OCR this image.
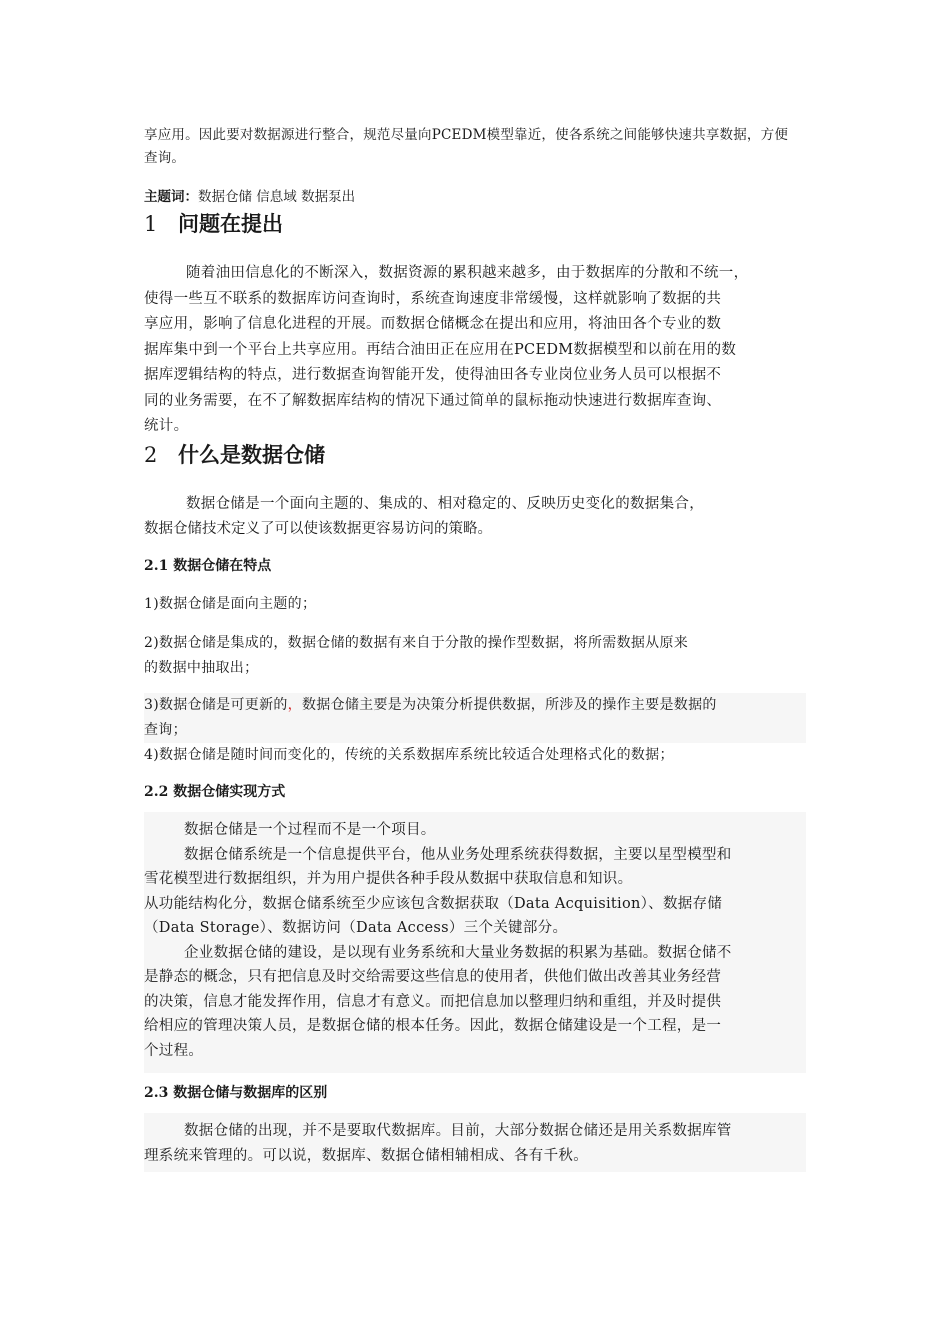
享应用。因此要对数据源进行整合，规范尽量向PCEDM模型靠近，使各系统之间能够快速共享数据，方便

查询。

主题词：数据仓储 信息域 数据泵出

1 问题在提出

随着油田信息化的不断深入，数据资源的累积越来越多，由于数据库的分散和不统一，

使得一些互不联系的数据库访问查询时，系统查询速度非常缓慢，这样就影响了数据的共

享应用，影响了信息化进程的开展。而数据仓储概念在提出和应用，将油田各个专业的数

据库集中到一个平台上共享应用。再结合油田正在应用在PCEDM数据模型和以前在用的数

据库逻辑结构的特点，进行数据查询智能开发，使得油田各专业岗位业务人员可以根据不

同的业务需要，在不了解数据库结构的情况下通过简单的鼠标拖动快速进行数据库查询、

统计。

2 什么是数据仓储

数据仓储是一个面向主题的、集成的、相对稳定的、反映历史变化的数据集合，

数据仓储技术定义了可以使该数据更容易访问的策略。

2.1 数据仓储在特点

1)数据仓储是面向主题的；

2)数据仓储是集成的，数据仓储的数据有来自于分散的操作型数据，将所需数据从原来

的数据中抽取出；

3)数据仓储是可更新的，数据仓储主要是为决策分析提供数据，所涉及的操作主要是数据的

查询；

4)数据仓储是随时间而变化的，传统的关系数据库系统比较适合处理格式化的数据；

2.2 数据仓储实现方式

数据仓储是一个过程而不是一个项目。

数据仓储系统是一个信息提供平台，他从业务处理系统获得数据，主要以星型模型和

雪花模型进行数据组织，并为用户提供各种手段从数据中获取信息和知识。

从功能结构化分，数据仓储系统至少应该包含数据获取（Data Acquisition）、数据存储

（Data Storage）、数据访问（Data Access）三个关键部分。

企业数据仓储的建设，是以现有业务系统和大量业务数据的积累为基础。数据仓储不

是静态的概念，只有把信息及时交给需要这些信息的使用者，供他们做出改善其业务经营

的决策，信息才能发挥作用，信息才有意义。而把信息加以整理归纳和重组，并及时提供

给相应的管理决策人员，是数据仓储的根本任务。因此，数据仓储建设是一个工程，是一

个过程。

2.3 数据仓储与数据库的区别

数据仓储的出现，并不是要取代数据库。目前，大部分数据仓储还是用关系数据库管

理系统来管理的。可以说，数据库、数据仓储相辅相成、各有千秋。
